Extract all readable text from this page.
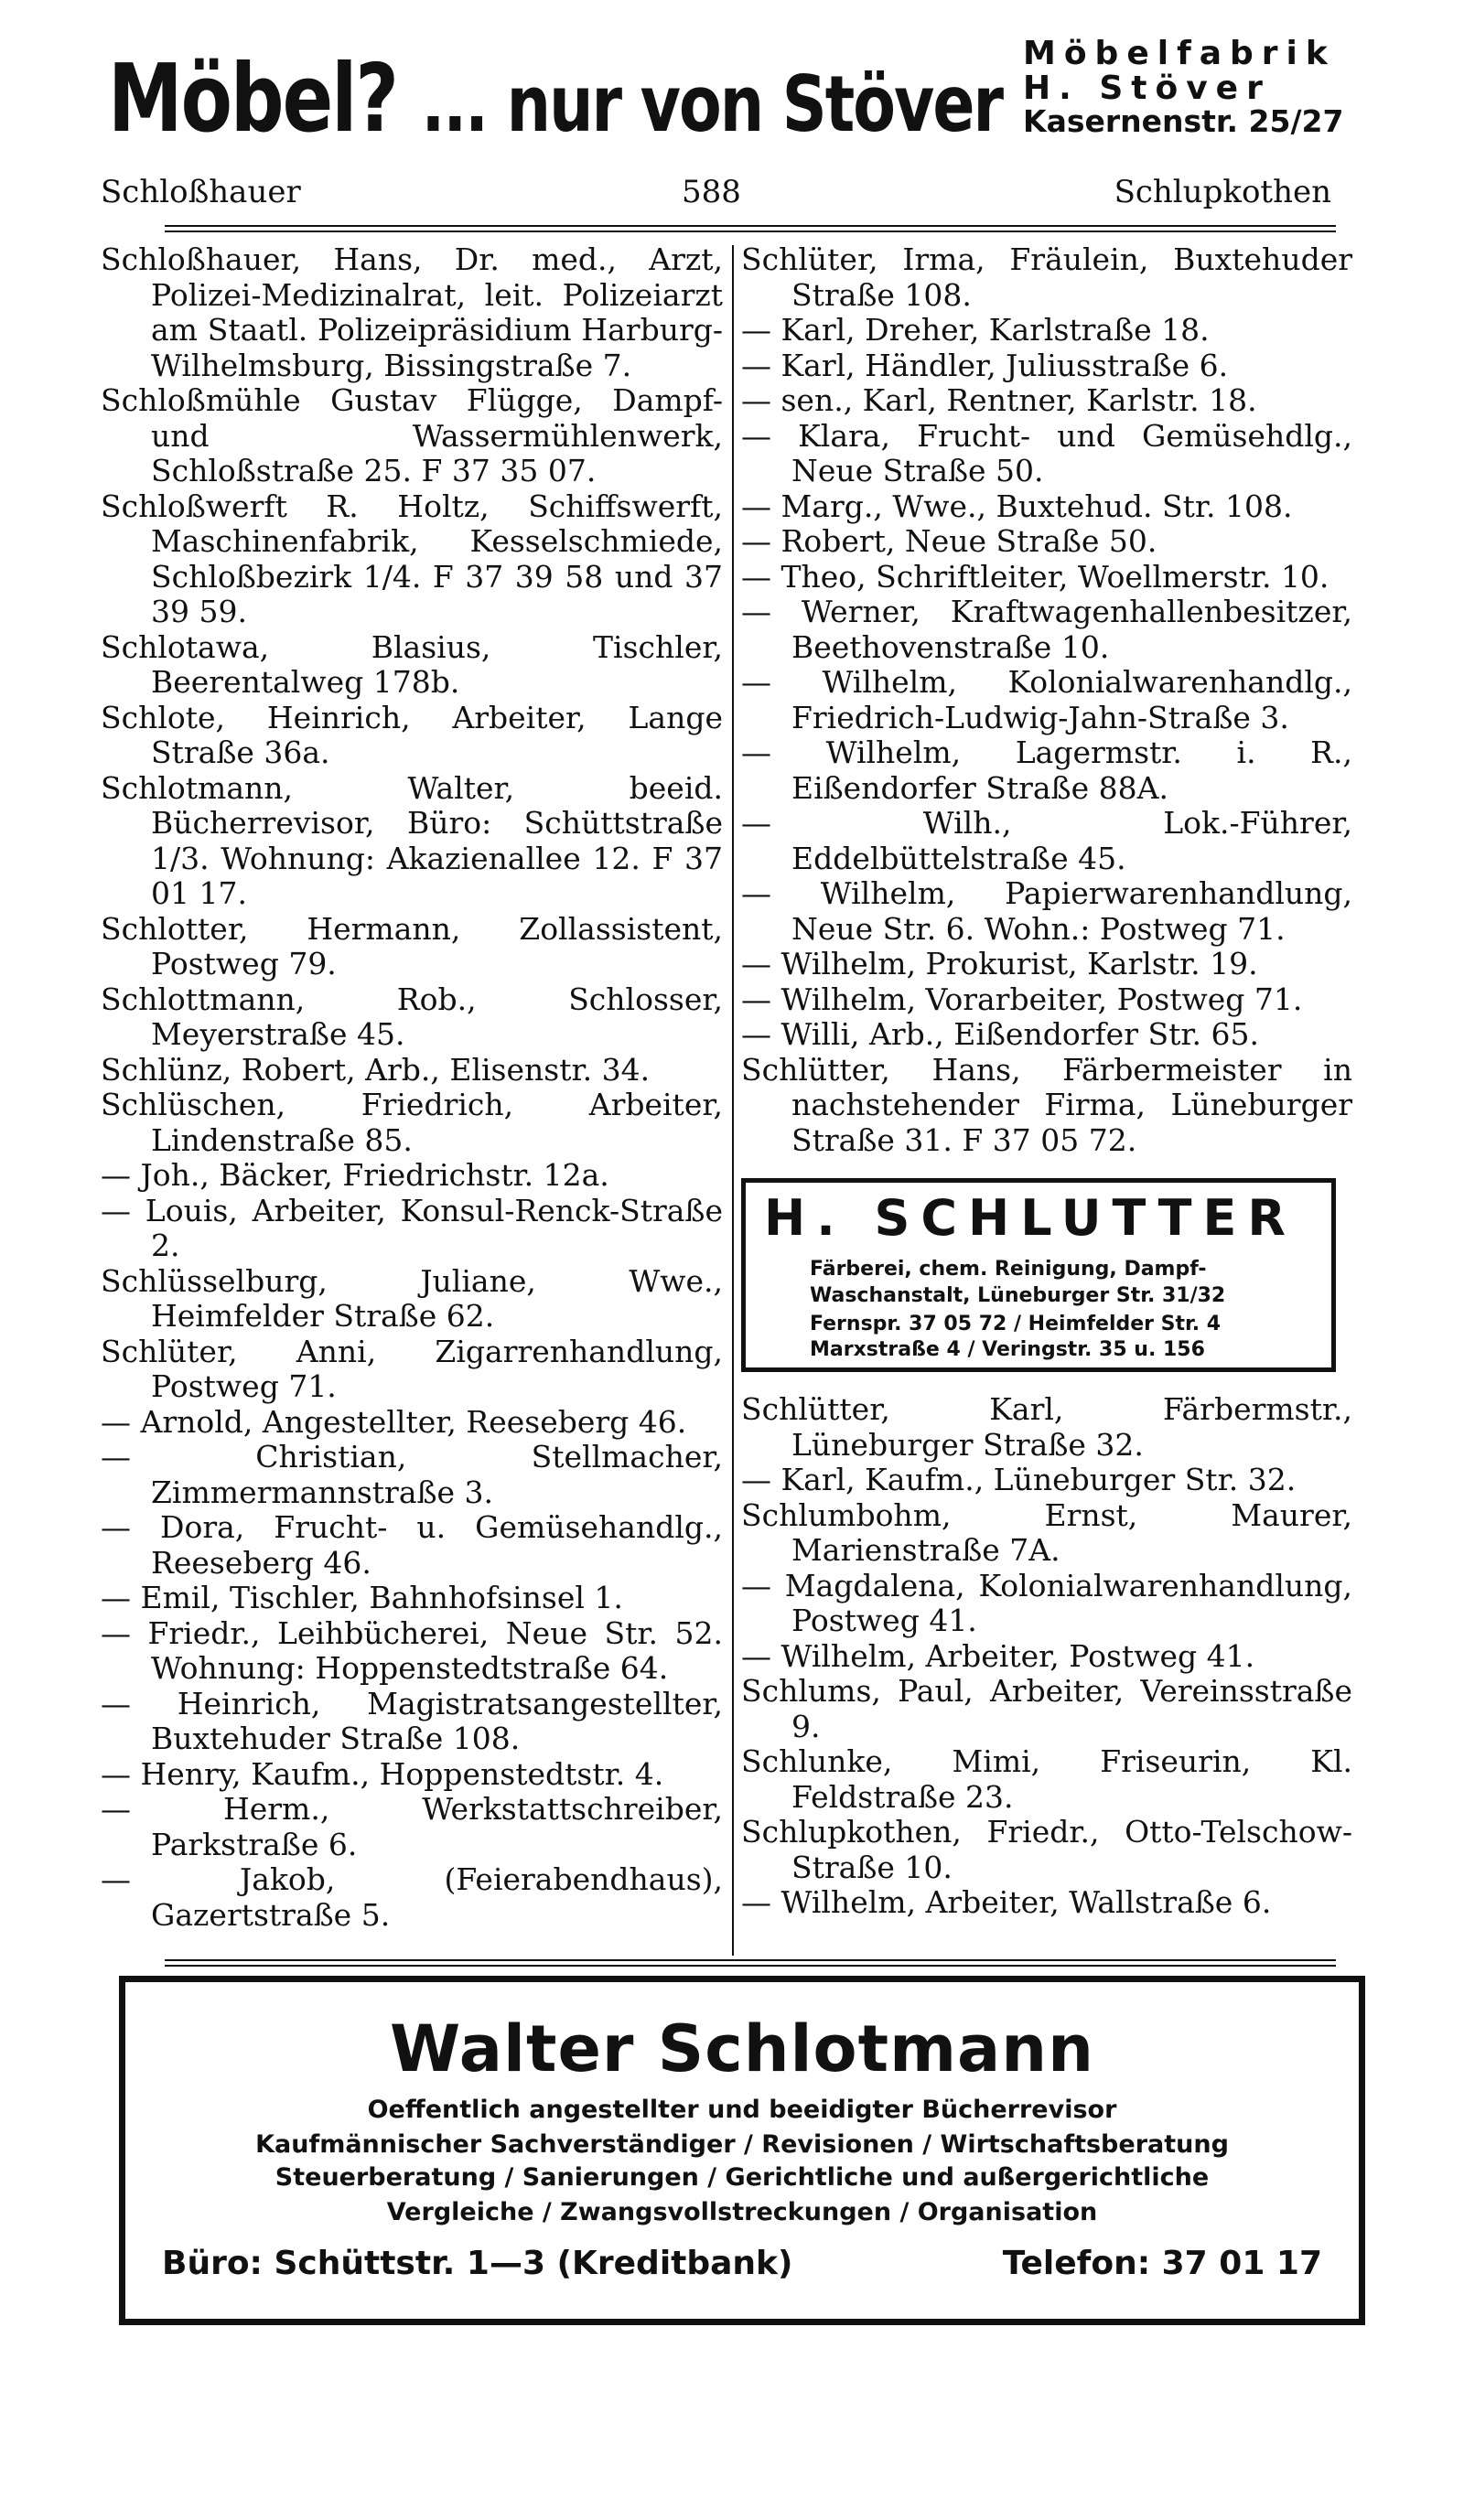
Möbel? ... nur von Stöver
Möbelfabrik
H. Stöver
Kasernenstr. 25/27
Schloßhauer	588	Schlupkothen

Schloßhauer, Hans, Dr. med., Arzt, Polizei-Medizinalrat, leit. Polizeiarzt am Staatl. Polizeipräsidium Harburg-Wilhelmsburg, Bissingstraße 7.

Schloßmühle Gustav Flügge, Dampf- und Wassermühlenwerk, Schloßstraße 25. F 37 35 07.

Schloßwerft R. Holtz, Schiffswerft, Maschinenfabrik, Kesselschmiede, Schloßbezirk 1/4. F 37 39 58 und 37 39 59.

Schlotawa, Blasius, Tischler, Beerentalweg 178b.

Schlote, Heinrich, Arbeiter, Lange Straße 36a.

Schlotmann, Walter, beeid. Bücherrevisor, Büro: Schüttstraße 1/3. Wohnung: Akazienallee 12. F 37 01 17.

Schlotter, Hermann, Zollassistent, Postweg 79.

Schlottmann, Rob., Schlosser, Meyerstraße 45.

Schlünz, Robert, Arb., Elisenstr. 34.

Schlüschen, Friedrich, Arbeiter, Lindenstraße 85.

— Joh., Bäcker, Friedrichstr. 12a.

— Louis, Arbeiter, Konsul-Renck-Straße 2.

Schlüsselburg, Juliane, Wwe., Heimfelder Straße 62.

Schlüter, Anni, Zigarrenhandlung, Postweg 71.

— Arnold, Angestellter, Reeseberg 46.

— Christian, Stellmacher, Zimmermannstraße 3.

— Dora, Frucht- u. Gemüsehandlg., Reeseberg 46.

— Emil, Tischler, Bahnhofsinsel 1.

— Friedr., Leihbücherei, Neue Str. 52. Wohnung: Hoppenstedtstraße 64.

— Heinrich, Magistratsangestellter, Buxtehuder Straße 108.

— Henry, Kaufm., Hoppenstedtstr. 4.

— Herm., Werkstattschreiber, Parkstraße 6.

— Jakob, (Feierabendhaus), Gazertstraße 5.

Schlüter, Irma, Fräulein, Buxtehuder Straße 108.

— Karl, Dreher, Karlstraße 18.

— Karl, Händler, Juliusstraße 6.

— sen., Karl, Rentner, Karlstr. 18.

— Klara, Frucht- und Gemüsehdlg., Neue Straße 50.

— Marg., Wwe., Buxtehud. Str. 108.

— Robert, Neue Straße 50.

— Theo, Schriftleiter, Woellmerstr. 10.

— Werner, Kraftwagenhallenbesitzer, Beethovenstraße 10.

— Wilhelm, Kolonialwarenhandlg., Friedrich-Ludwig-Jahn-Straße 3.

— Wilhelm, Lagermstr. i. R., Eißendorfer Straße 88A.

— Wilh., Lok.-Führer, Eddelbüttelstraße 45.

— Wilhelm, Papierwarenhandlung, Neue Str. 6. Wohn.: Postweg 71.

— Wilhelm, Prokurist, Karlstr. 19.

— Wilhelm, Vorarbeiter, Postweg 71.

— Willi, Arb., Eißendorfer Str. 65.

Schlütter, Hans, Färbermeister in nachstehender Firma, Lüneburger Straße 31. F 37 05 72.

H. SCHLUTTER
Färberei, chem. Reinigung, Dampf-
Waschanstalt, Lüneburger Str. 31/32
Fernspr. 37 05 72 / Heimfelder Str. 4
Marxstraße 4 / Veringstr. 35 u. 156

Schlütter, Karl, Färbermstr., Lüneburger Straße 32.

— Karl, Kaufm., Lüneburger Str. 32.

Schlumbohm, Ernst, Maurer, Marienstraße 7A.

— Magdalena, Kolonialwarenhandlung, Postweg 41.

— Wilhelm, Arbeiter, Postweg 41.

Schlums, Paul, Arbeiter, Vereinsstraße 9.

Schlunke, Mimi, Friseurin, Kl. Feldstraße 23.

Schlupkothen, Friedr., Otto-Telschow-Straße 10.

— Wilhelm, Arbeiter, Wallstraße 6.

Walter Schlotmann
Oeffentlich angestellter und beeidigter Bücherrevisor
Kaufmännischer Sachverständiger / Revisionen / Wirtschaftsberatung
Steuerberatung / Sanierungen / Gerichtliche und außergerichtliche
Vergleiche / Zwangsvollstreckungen / Organisation
Büro: Schüttstr. 1—3 (Kreditbank)	Telefon: 37 01 17
